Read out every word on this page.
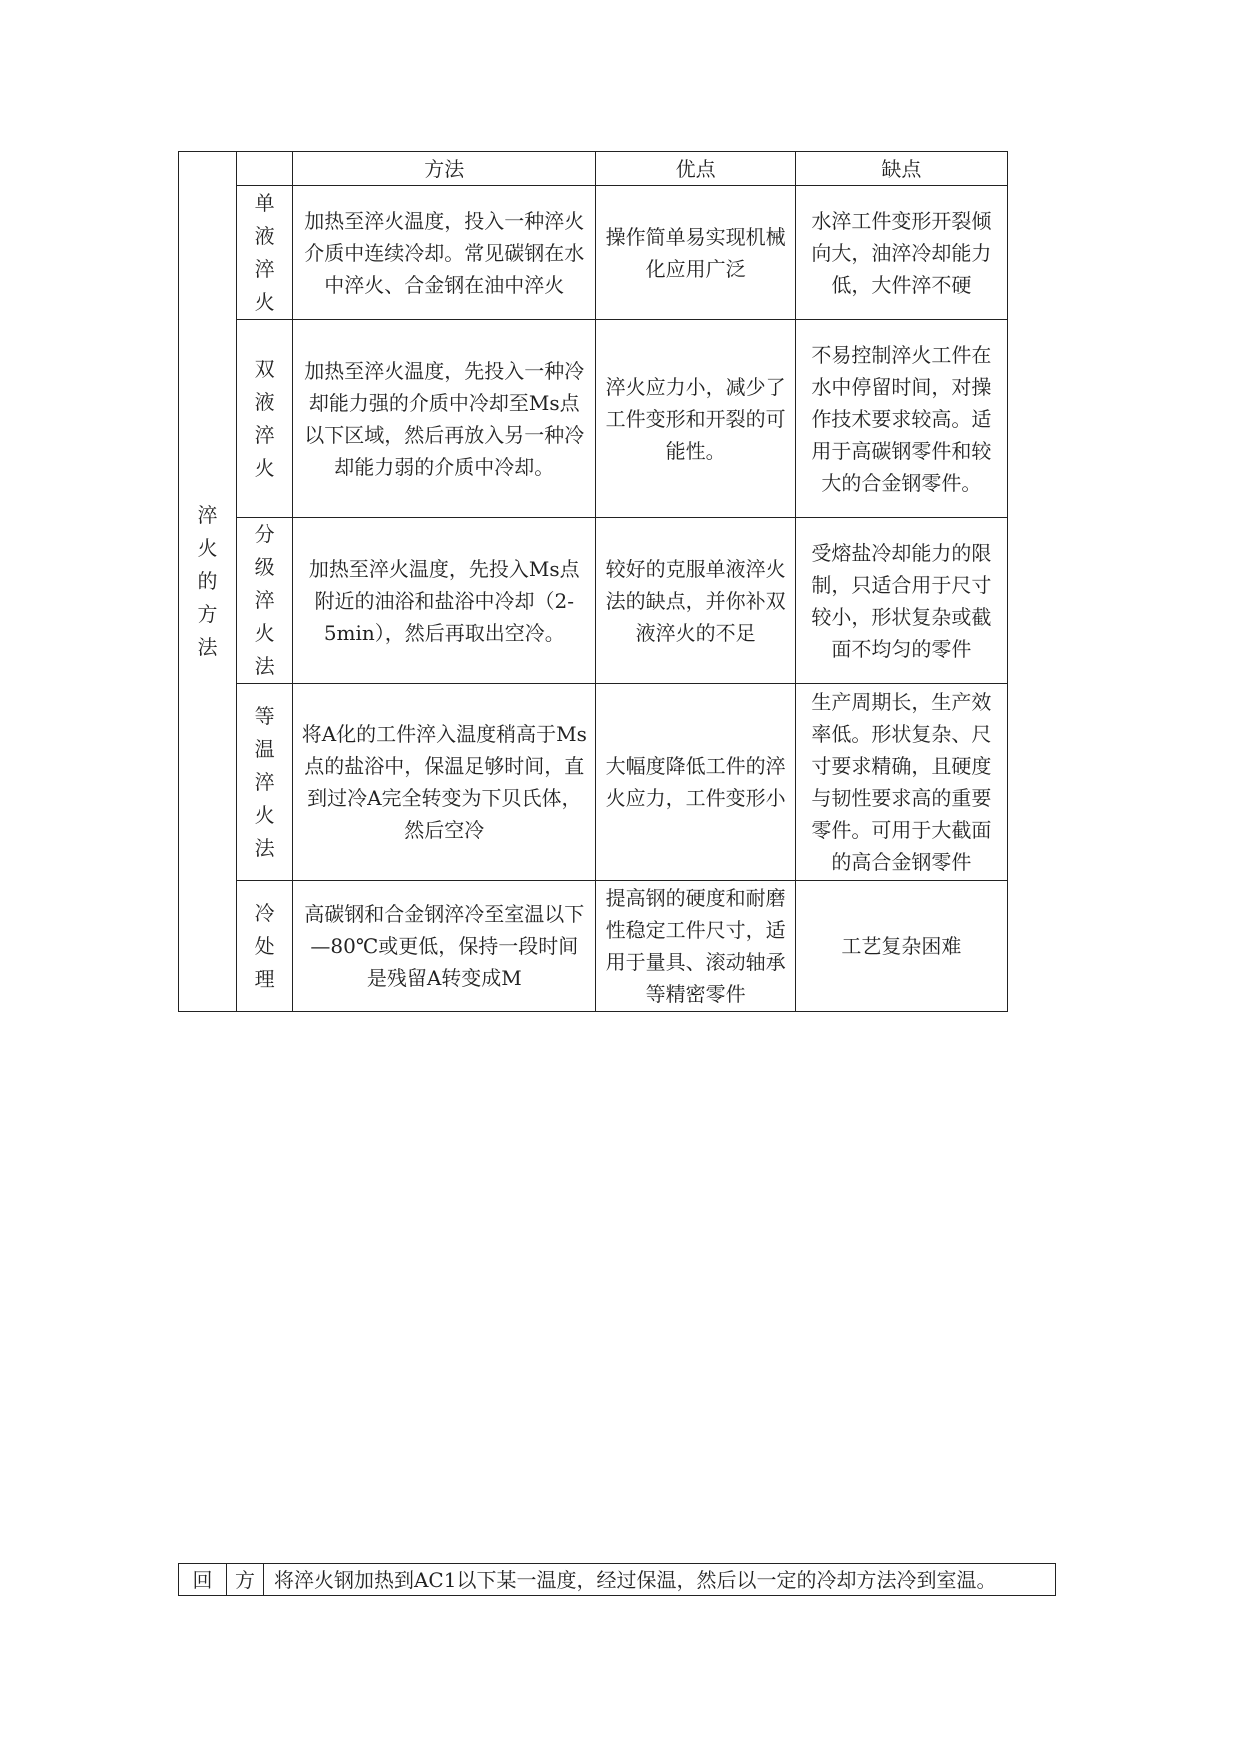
淬火的方法		方法	优点	缺点
	单液淬火	加热至淬火温度，投入一种淬火介质中连续冷却。常见碳钢在水中淬火、合金钢在油中淬火	操作简单易实现机械化应用广泛	水淬工件变形开裂倾向大，油淬冷却能力低，大件淬不硬
	双液淬火	加热至淬火温度，先投入一种冷却能力强的介质中冷却至Ms点以下区域，然后再放入另一种冷却能力弱的介质中冷却。	淬火应力小，减少了工件变形和开裂的可能性。	不易控制淬火工件在水中停留时间，对操作技术要求较高。适用于高碳钢零件和较大的合金钢零件。
	分级淬火法	加热至淬火温度，先投入Ms点附近的油浴和盐浴中冷却（2-5min），然后再取出空冷。	较好的克服单液淬火法的缺点，并你补双液淬火的不足	受熔盐冷却能力的限制，只适合用于尺寸较小，形状复杂或截面不均匀的零件
	等温淬火法	将A化的工件淬入温度稍高于Ms点的盐浴中，保温足够时间，直到过冷A完全转变为下贝氏体，然后空冷	大幅度降低工件的淬火应力，工件变形小	生产周期长，生产效率低。形状复杂、尺寸要求精确，且硬度与韧性要求高的重要零件。可用于大截面的高合金钢零件
	冷处理	高碳钢和合金钢淬冷至室温以下—80℃或更低，保持一段时间是残留A转变成M	提高钢的硬度和耐磨性稳定工件尺寸，适用于量具、滚动轴承等精密零件	工艺复杂困难
回	方	将淬火钢加热到AC1以下某一温度，经过保温，然后以一定的冷却方法冷到室温。
